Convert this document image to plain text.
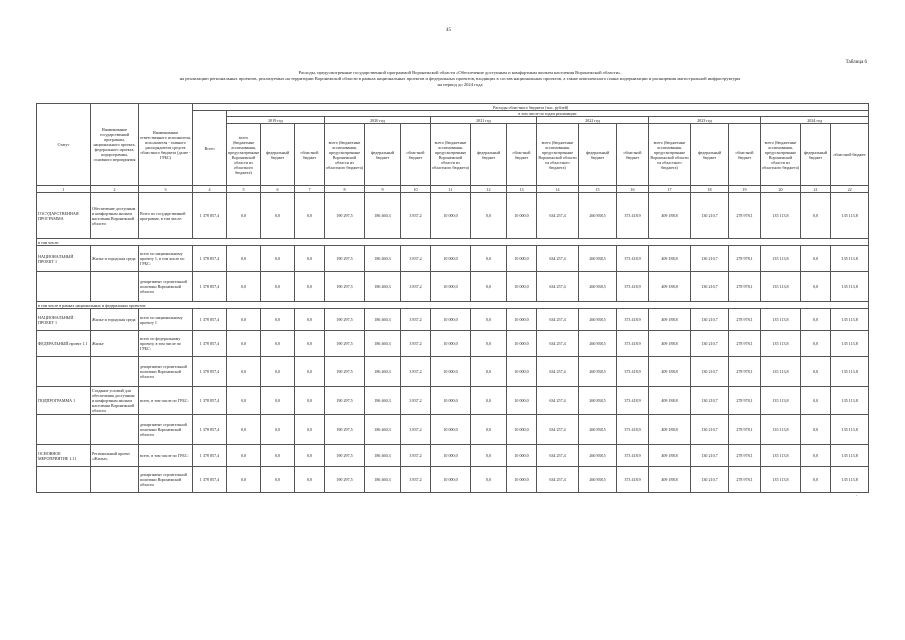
45
Таблица 6
Расходы, предусмотренные государственной программой Воронежской области «Обеспечение доступным и комфортным жильем населения Воронежской области»,
на реализацию региональных проектов, реализуемых на территории Воронежской области в рамках национальных проектов и федеральных проектов, входящих в состав национальных проектов, а также комплексного плана модернизации и расширения магистральной инфраструктуры
на период до 2024 года
Статус	Наименование государственной программы, национального проекта, федерального проекта, подпрограммы, основного мероприятия	Наименование ответственного исполнителя, исполнителя - главного распорядителя средств областного бюджета (далее - ГРБС)	Расходы областного бюджета (тыс. рублей)																		
			Всего	в том числе по годам реализации:																	
				2019 год			2020 год			2021 год			2022 год			2023 год			2024 год		
				всего (бюджетные ассигнования, предусмотренные Воронежской области из областного бюджета)	федеральный бюджет	областной бюджет	всего (бюджетные ассигнования, предусмотренные Воронежской области из областного бюджета)	федеральный бюджет	областной бюджет	всего (бюджетные ассигнования, предусмотренные Воронежской области из областного бюджета)	федеральный бюджет	областной бюджет	всего (бюджетные ассигнования, предусмотренные Воронежской области из областного бюджета)	федеральный бюджет	областной бюджет	всего (бюджетные ассигнования, предусмотренные Воронежской области из областного бюджета)	федеральный бюджет	областной бюджет	всего (бюджетные ассигнования, предусмотренные Воронежской области из областного бюджета)	федеральный бюджет	областной бюджет
1	2	3	4	5	6	7	8	9	10	11	12	13	14	15	16	17	18	19	20	21	22
ГОСУДАРСТВЕННАЯ ПРОГРАММА	Обеспечение доступным и комфортным жильем населения Воронежской области	Всего по государственной программе, в том числе:	1 378 857,4	0,0	0,0	0,0	190 297,5	186 460,3	3 837,2	10 000,0	0,0	10 000,0	634 257,4	260 838,5	373 418,9	409 188,8	130 210,7	278 978,1	135 113,8	0,0	135 113,8
в том числе:																					
НАЦИОНАЛЬНЫЙ ПРОЕКТ 1	Жилье и городская среда	всего по национальному проекту 1, в том числе по ГРБС:	1 378 857,4	0,0	0,0	0,0	190 297,5	186 460,3	3 837,2	10 000,0	0,0	10 000,0	634 257,4	260 838,5	373 418,9	409 188,8	130 210,7	278 978,1	135 113,8	0,0	135 113,8
		департамент строительной политики Воронежской области	1 378 857,4	0,0	0,0	0,0	190 297,5	186 460,3	3 837,2	10 000,0	0,0	10 000,0	634 257,4	260 838,5	373 418,9	409 188,8	130 210,7	278 978,1	135 113,8	0,0	135 113,8
в том числе в рамках национальных и федеральных проектов:																					
НАЦИОНАЛЬНЫЙ ПРОЕКТ 1	Жилье и городская среда	всего по национальному проекту 1	1 378 857,4	0,0	0,0	0,0	190 297,5	186 460,3	3 837,2	10 000,0	0,0	10 000,0	634 257,4	260 838,5	373 418,9	409 188,8	130 210,7	278 978,1	135 113,8	0,0	135 113,8
ФЕДЕРАЛЬНЫЙ проект 1.1	Жилье	всего по федеральному проекту, в том числе по ГРБС:	1 378 857,4	0,0	0,0	0,0	190 297,5	186 460,3	3 837,2	10 000,0	0,0	10 000,0	634 257,4	260 838,5	373 418,9	409 188,8	130 210,7	278 978,1	135 113,8	0,0	135 113,8
		департамент строительной политики Воронежской области	1 378 857,4	0,0	0,0	0,0	190 297,5	186 460,3	3 837,2	10 000,0	0,0	10 000,0	634 257,4	260 838,5	373 418,9	409 188,8	130 210,7	278 978,1	135 113,8	0,0	135 113,8
ПОДПРОГРАММА 1	Создание условий для обеспечения доступным и комфортным жильем населения Воронежской области	всего, в том числе по ГРБС:	1 378 857,4	0,0	0,0	0,0	190 297,5	186 460,3	3 837,2	10 000,0	0,0	10 000,0	634 257,4	260 838,5	373 418,9	409 188,8	130 210,7	278 978,1	135 113,8	0,0	135 113,8
		департамент строительной политики Воронежской области	1 378 857,4	0,0	0,0	0,0	190 297,5	186 460,3	3 837,2	10 000,0	0,0	10 000,0	634 257,4	260 838,5	373 418,9	409 188,8	130 210,7	278 978,1	135 113,8	0,0	135 113,8
ОСНОВНОЕ МЕРОПРИЯТИЕ 1.11	Региональный проект «Жилье»	всего, в том числе по ГРБС:	1 378 857,4	0,0	0,0	0,0	190 297,5	186 460,3	3 837,2	10 000,0	0,0	10 000,0	634 257,4	260 838,5	373 418,9	409 188,8	130 210,7	278 978,1	135 113,8	0,0	135 113,8
		департамент строительной политики Воронежской области	1 378 857,4	0,0	0,0	0,0	190 297,5	186 460,3	3 837,2	10 000,0	0,0	10 000,0	634 257,4	260 838,5	373 418,9	409 188,8	130 210,7	278 978,1	135 113,8	0,0	135 113,8
·
